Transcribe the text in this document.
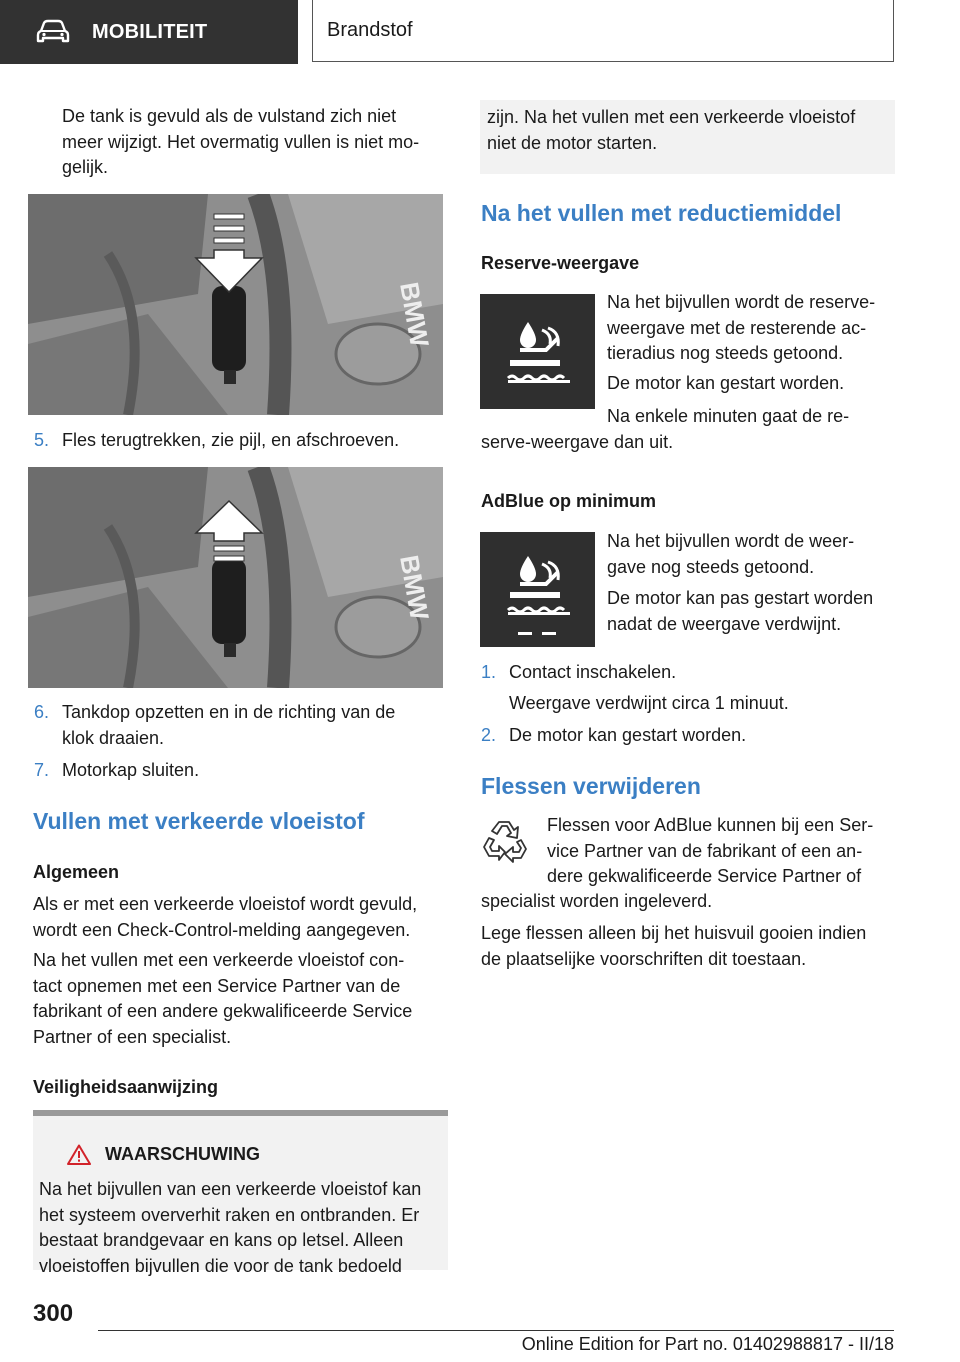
MOBILITEIT	Brandstof

De tank is gevuld als de vulstand zich niet

meer wijzigt. Het overmatig vullen is niet mo-

gelijk.

BMW
5. Fles terugtrekken, zie pijl, en afschroeven.
BMW
6. Tankdop opzetten en in de richting van de
klok draaien.
7. Motorkap sluiten.
Vullen met verkeerde vloeistof
Algemeen

Als er met een verkeerde vloeistof wordt gevuld,

wordt een Check-Control-melding aangegeven.

Na het vullen met een verkeerde vloeistof con-

tact opnemen met een Service Partner van de

fabrikant of een andere gekwalificeerde Service

Partner of een specialist.

Veiligheidsaanwijzing
WAARSCHUWING

Na het bijvullen van een verkeerde vloeistof kan

het systeem oververhit raken en ontbranden. Er

bestaat brandgevaar en kans op letsel. Alleen

vloeistoffen bijvullen die voor de tank bedoeld

zijn. Na het vullen met een verkeerde vloeistof

niet de motor starten.

Na het vullen met reductiemiddel
Reserve-weergave

Na het bijvullen wordt de reserve-

weergave met de resterende ac-

tieradius nog steeds getoond.

De motor kan gestart worden.

Na enkele minuten gaat de re-

serve-weergave dan uit.

AdBlue op minimum

Na het bijvullen wordt de weer-

gave nog steeds getoond.

De motor kan pas gestart worden

nadat de weergave verdwijnt.

1. Contact inschakelen.
Weergave verdwijnt circa 1 minuut.
2. De motor kan gestart worden.
Flessen verwijderen

Flessen voor AdBlue kunnen bij een Ser-

vice Partner van de fabrikant of een an-

dere gekwalificeerde Service Partner of

specialist worden ingeleverd.

Lege flessen alleen bij het huisvuil gooien indien

de plaatselijke voorschriften dit toestaan.

300
Online Edition for Part no. 01402988817 - II/18
